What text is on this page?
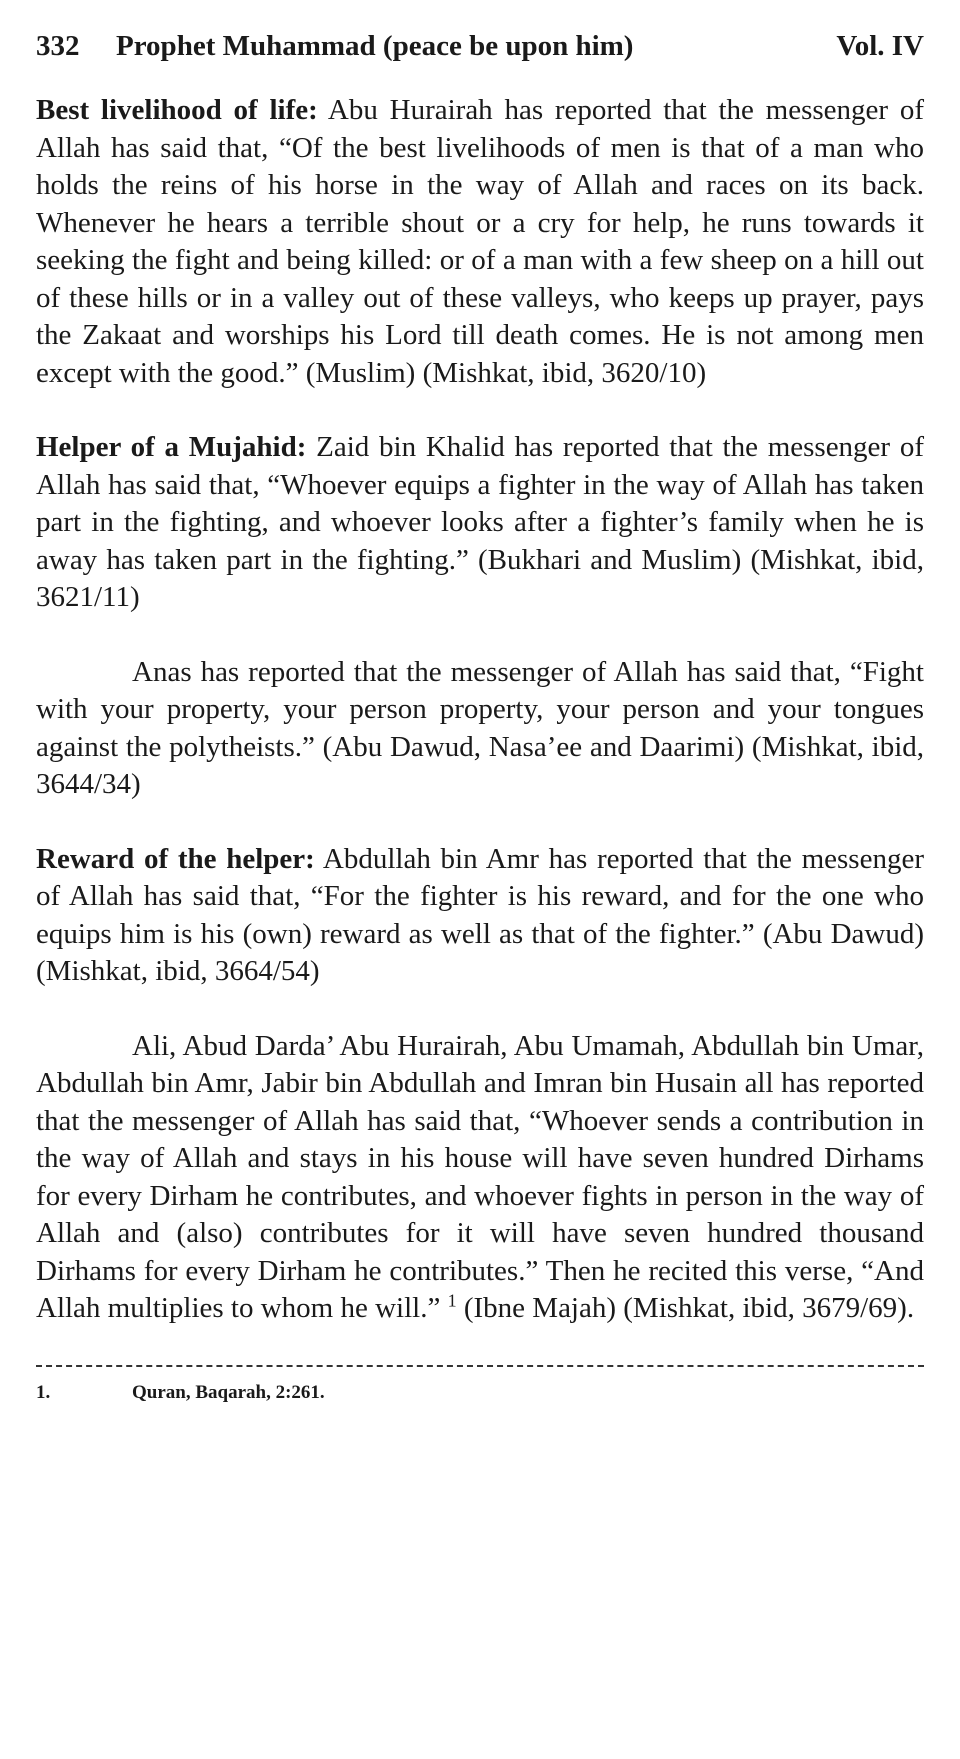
332	Prophet Muhammad (peace be upon him)	Vol. IV

Best livelihood of life: Abu Hurairah has reported that the messenger of Allah has said that, “Of the best livelihoods of men is that of a man who holds the reins of his horse in the way of Allah and races on its back. Whenever he hears a terrible shout or a cry for help, he runs towards it seeking the fight and being killed: or of a man with a few sheep on a hill out of these hills or in a valley out of these valleys, who keeps up prayer, pays the Zakaat and worships his Lord till death comes. He is not among men except with the good.” (Muslim) (Mishkat, ibid, 3620/10)

Helper of a Mujahid: Zaid bin Khalid has reported that the messenger of Allah has said that, “Whoever equips a fighter in the way of Allah has taken part in the fighting, and whoever looks after a fighter’s family when he is away has taken part in the fighting.” (Bukhari and Muslim) (Mishkat, ibid, 3621/11)

Anas has reported that the messenger of Allah has said that, “Fight with your property, your person property, your person and your tongues against the polytheists.” (Abu Dawud, Nasa’ee and Daarimi) (Mishkat, ibid, 3644/34)

Reward of the helper: Abdullah bin Amr has reported that the messenger of Allah has said that, “For the fighter is his reward, and for the one who equips him is his (own) reward as well as that of the fighter.” (Abu Dawud) (Mishkat, ibid, 3664/54)

Ali, Abud Darda’ Abu Hurairah, Abu Umamah, Abdullah bin Umar, Abdullah bin Amr, Jabir bin Abdullah and Imran bin Husain all has reported that the messenger of Allah has said that, “Whoever sends a contribution in the way of Allah and stays in his house will have seven hundred Dirhams for every Dirham he contributes, and whoever fights in person in the way of Allah and (also) contributes for it will have seven hundred thousand Dirhams for every Dirham he contributes.” Then he recited this verse, “And Allah multiplies to whom he will.” $^1$ (Ibne Majah) (Mishkat, ibid, 3679/69).

1.	Quran, Baqarah, 2:261.
